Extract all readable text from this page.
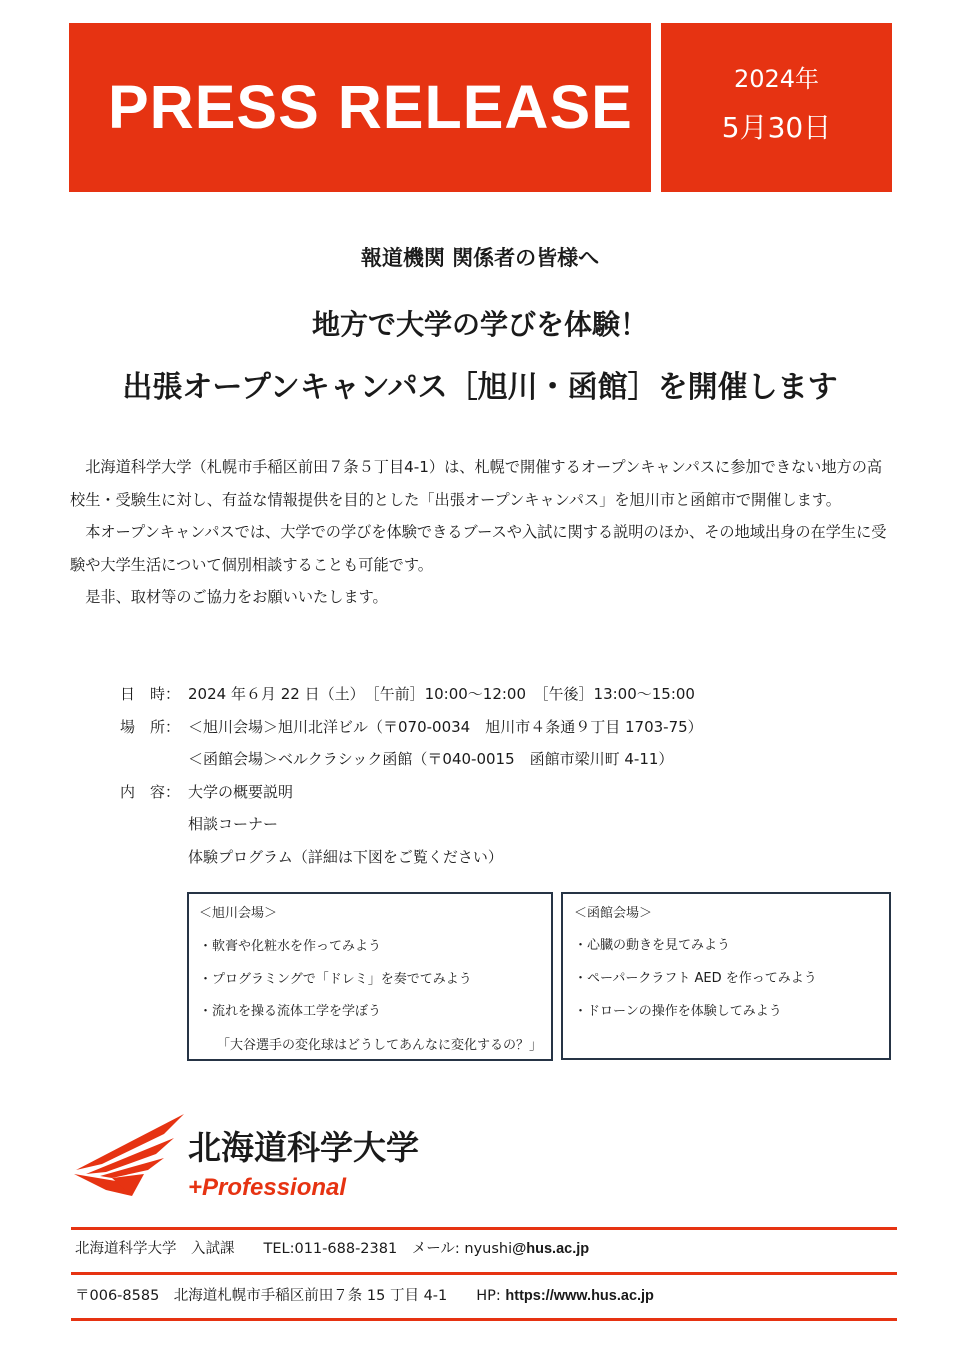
PRESS RELEASE	2024年
5月30日
報道機関 関係者の皆様へ
地方で大学の学びを体験！
出張オープンキャンパス［旭川・函館］を開催します

北海道科学大学（札幌市手稲区前田７条５丁目4-1）は、札幌で開催するオープンキャンパスに参加できない地方の高校生・受験生に対し、有益な情報提供を目的とした「出張オープンキャンパス」を旭川市と函館市で開催します。

本オープンキャンパスでは、大学での学びを体験できるブースや入試に関する説明のほか、その地域出身の在学生に受験や大学生活について個別相談することも可能です。

是非、取材等のご協力をお願いいたします。

日　時： 2024 年６月 22 日（土）　［午前］10:00～12:00　［午後］13:00～15:00
場　所： ＜旭川会場＞旭川北洋ビル（〒070-0034　旭川市４条通９丁目 1703-75）
＜函館会場＞ベルクラシック函館（〒040-0015　函館市梁川町 4-11）
内　容： 大学の概要説明
相談コーナー
体験プログラム（詳細は下図をご覧ください）
＜旭川会場＞
・軟膏や化粧水を作ってみよう
・プログラミングで「ドレミ」を奏でてみよう
・流れを操る流体工学を学ぼう
「大谷選手の変化球はどうしてあんなに変化するの？」
＜函館会場＞
・心臓の動きを見てみよう
・ペーパークラフト AED を作ってみよう
・ドローンの操作を体験してみよう
北海道科学大学
+Professional
北海道科学大学　入試課　　TEL:011-688-2381　メール: nyushi@hus.ac.jp
〒006-8585　北海道札幌市手稲区前田７条 15 丁目 4-1　　HP: https://www.hus.ac.jp
